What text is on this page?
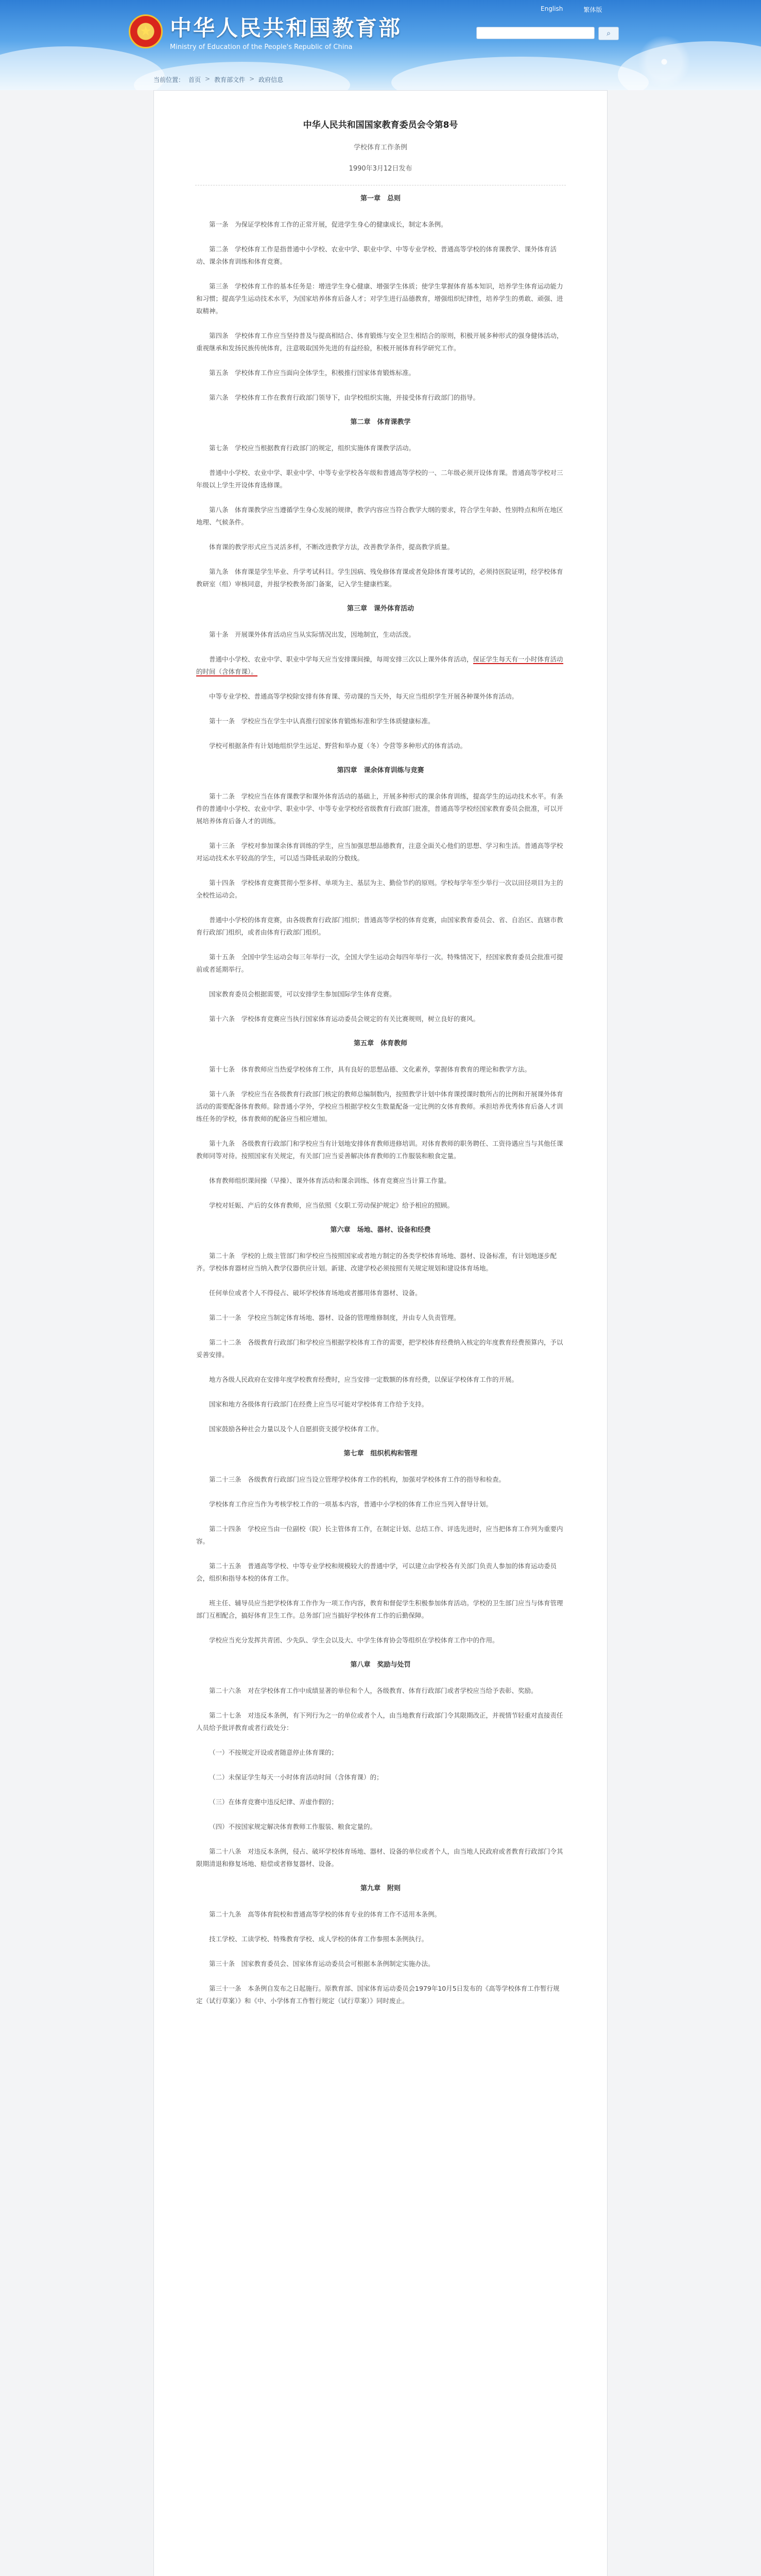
★ 中华人民共和国教育部
Ministry of Education of the People's Republic of China
English	繁体版
⌕
当前位置： 首页 > 教育部文件 > 政府信息
中华人民共和国国家教育委员会令第8号
学校体育工作条例
1990年3月12日发布
第一章　总则

第一条　为保证学校体育工作的正常开展，促进学生身心的健康成长，制定本条例。

第二条　学校体育工作是指普通中小学校、农业中学、职业中学、中等专业学校、普通高等学校的体育课教学、课外体育活动、课余体育训练和体育竞赛。

第三条　学校体育工作的基本任务是：增进学生身心健康、增强学生体质；使学生掌握体育基本知识，培养学生体育运动能力和习惯；提高学生运动技术水平，为国家培养体育后备人才；对学生进行品德教育，增强组织纪律性，培养学生的勇敢、顽强、进取精神。

第四条　学校体育工作应当坚持普及与提高相结合、体育锻炼与安全卫生相结合的原则，积极开展多种形式的强身健体活动，重视继承和发扬民族传统体育，注意吸取国外先进的有益经验，积极开展体育科学研究工作。

第五条　学校体育工作应当面向全体学生，积极推行国家体育锻炼标准。

第六条　学校体育工作在教育行政部门领导下，由学校组织实施，并接受体育行政部门的指导。

第二章　体育课教学

第七条　学校应当根据教育行政部门的规定，组织实施体育课教学活动。

普通中小学校、农业中学、职业中学、中等专业学校各年级和普通高等学校的一、二年级必须开设体育课。普通高等学校对三年级以上学生开设体育选修课。

第八条　体育课教学应当遵循学生身心发展的规律，教学内容应当符合教学大纲的要求，符合学生年龄、性别特点和所在地区地理、气候条件。

体育课的教学形式应当灵活多样，不断改进教学方法，改善教学条件，提高教学质量。

第九条　体育课是学生毕业、升学考试科目。学生因病、残免修体育课或者免除体育课考试的，必须持医院证明，经学校体育教研室（组）审核同意，并报学校教务部门备案，记入学生健康档案。

第三章　课外体育活动

第十条　开展课外体育活动应当从实际情况出发，因地制宜，生动活泼。

普通中小学校、农业中学、职业中学每天应当安排课间操，每周安排三次以上课外体育活动，保证学生每天有一小时体育活动的时间（含体育课）。

中等专业学校、普通高等学校除安排有体育课、劳动课的当天外，每天应当组织学生开展各种课外体育活动。

第十一条　学校应当在学生中认真推行国家体育锻炼标准和学生体质健康标准。

学校可根据条件有计划地组织学生远足、野营和举办夏（冬）令营等多种形式的体育活动。

第四章　课余体育训练与竞赛

第十二条　学校应当在体育课教学和课外体育活动的基础上，开展多种形式的课余体育训练，提高学生的运动技术水平。有条件的普通中小学校、农业中学、职业中学、中等专业学校经省级教育行政部门批准，普通高等学校经国家教育委员会批准，可以开展培养体育后备人才的训练。

第十三条　学校对参加课余体育训练的学生，应当加强思想品德教育，注意全面关心他们的思想、学习和生活。普通高等学校对运动技术水平较高的学生，可以适当降低录取的分数线。

第十四条　学校体育竞赛贯彻小型多样、单项为主、基层为主、勤俭节约的原则。学校每学年至少举行一次以田径项目为主的全校性运动会。

普通中小学校的体育竞赛，由各级教育行政部门组织；普通高等学校的体育竞赛，由国家教育委员会、省、自治区、直辖市教育行政部门组织，或者由体育行政部门组织。

第十五条　全国中学生运动会每三年举行一次，全国大学生运动会每四年举行一次。特殊情况下，经国家教育委员会批准可提前或者延期举行。

国家教育委员会根据需要，可以安排学生参加国际学生体育竞赛。

第十六条　学校体育竞赛应当执行国家体育运动委员会规定的有关比赛规则，树立良好的赛风。

第五章　体育教师

第十七条　体育教师应当热爱学校体育工作，具有良好的思想品德、文化素养，掌握体育教育的理论和教学方法。

第十八条　学校应当在各级教育行政部门核定的教师总编制数内，按照教学计划中体育课授课时数所占的比例和开展课外体育活动的需要配备体育教师。除普通小学外，学校应当根据学校女生数量配备一定比例的女体育教师。承担培养优秀体育后备人才训练任务的学校，体育教师的配备应当相应增加。

第十九条　各级教育行政部门和学校应当有计划地安排体育教师进修培训。对体育教师的职务聘任、工资待遇应当与其他任课教师同等对待。按照国家有关规定，有关部门应当妥善解决体育教师的工作服装和粮食定量。

体育教师组织课间操（早操）、课外体育活动和课余训练、体育竞赛应当计算工作量。

学校对妊娠、产后的女体育教师，应当依照《女职工劳动保护规定》给予相应的照顾。

第六章　场地、器材、设备和经费

第二十条　学校的上级主管部门和学校应当按照国家或者地方制定的各类学校体育场地、器材、设备标准，有计划地逐步配齐。学校体育器材应当纳入教学仪器供应计划。新建、改建学校必须按照有关规定规划和建设体育场地。

任何单位或者个人不得侵占、破坏学校体育场地或者挪用体育器材、设备。

第二十一条　学校应当制定体育场地、器材、设备的管理维修制度，并由专人负责管理。

第二十二条　各级教育行政部门和学校应当根据学校体育工作的需要，把学校体育经费纳入核定的年度教育经费预算内，予以妥善安排。

地方各级人民政府在安排年度学校教育经费时，应当安排一定数额的体育经费，以保证学校体育工作的开展。

国家和地方各级体育行政部门在经费上应当尽可能对学校体育工作给予支持。

国家鼓励各种社会力量以及个人自愿捐资支援学校体育工作。

第七章　组织机构和管理

第二十三条　各级教育行政部门应当设立管理学校体育工作的机构，加强对学校体育工作的指导和检查。

学校体育工作应当作为考核学校工作的一项基本内容，普通中小学校的体育工作应当列入督导计划。

第二十四条　学校应当由一位副校（院）长主管体育工作，在制定计划、总结工作、评选先进时，应当把体育工作列为重要内容。

第二十五条　普通高等学校、中等专业学校和规模较大的普通中学，可以建立由学校各有关部门负责人参加的体育运动委员会，组织和指导本校的体育工作。

班主任、辅导员应当把学校体育工作作为一项工作内容，教育和督促学生积极参加体育活动。学校的卫生部门应当与体育管理部门互相配合，搞好体育卫生工作。总务部门应当搞好学校体育工作的后勤保障。

学校应当充分发挥共青团、少先队、学生会以及大、中学生体育协会等组织在学校体育工作中的作用。

第八章　奖励与处罚

第二十六条　对在学校体育工作中成绩显著的单位和个人，各级教育、体育行政部门或者学校应当给予表彰、奖励。

第二十七条　对违反本条例，有下列行为之一的单位或者个人，由当地教育行政部门令其限期改正，并视情节轻重对直接责任人员给予批评教育或者行政处分：

（一）不按规定开设或者随意停止体育课的；

（二）未保证学生每天一小时体育活动时间（含体育课）的；

（三）在体育竞赛中违反纪律、弄虚作假的；

（四）不按国家规定解决体育教师工作服装、粮食定量的。

第二十八条　对违反本条例，侵占、破坏学校体育场地、器材、设备的单位或者个人，由当地人民政府或者教育行政部门令其限期清退和修复场地、赔偿或者修复器材、设备。

第九章　附则

第二十九条　高等体育院校和普通高等学校的体育专业的体育工作不适用本条例。

技工学校、工读学校、特殊教育学校、成人学校的体育工作参照本条例执行。

第三十条　国家教育委员会、国家体育运动委员会可根据本条例制定实施办法。

第三十一条　本条例自发布之日起施行。原教育部、国家体育运动委员会1979年10月5日发布的《高等学校体育工作暂行规定（试行草案）》和《中、小学体育工作暂行规定（试行草案）》同时废止。
